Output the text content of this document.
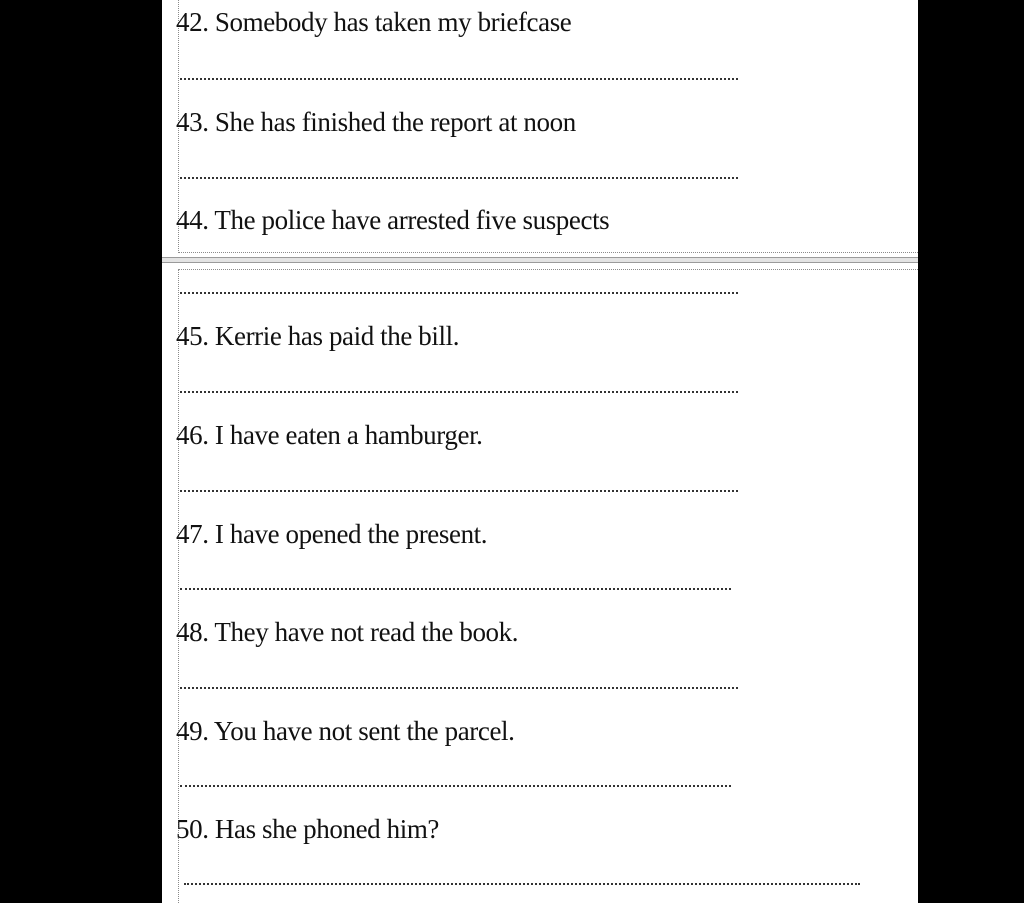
42. Somebody has taken my briefcase
43. She has finished the report at noon
44. The police have arrested five suspects
45. Kerrie has paid the bill.
46. I have eaten a hamburger.
47. I have opened the present.
48. They have not read the book.
49. You have not sent the parcel.
50. Has she phoned him?
